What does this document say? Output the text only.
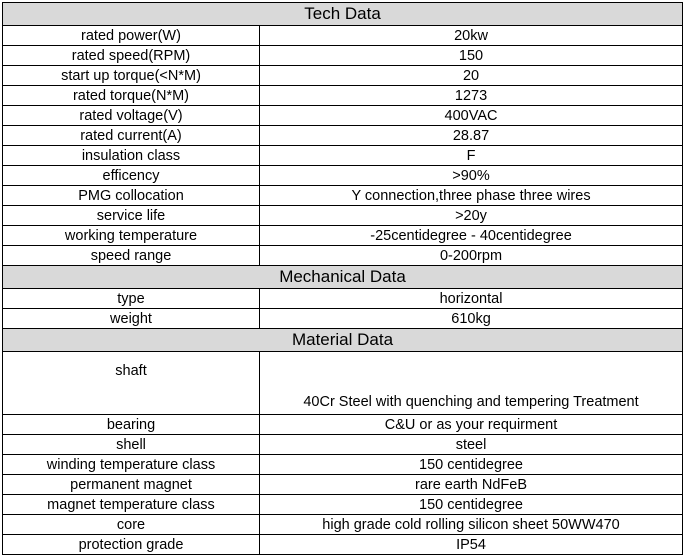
Tech Data	
rated power(W)	20kw
rated speed(RPM)	150
start up torque(<N*M)	20
rated torque(N*M)	1273
rated voltage(V)	400VAC
rated current(A)	28.87
insulation class	F
efficency	>90%
PMG collocation	Y connection,three phase three wires
service life	>20y
working temperature	-25centidegree - 40centidegree
speed range	0-200rpm
Mechanical Data	
type	horizontal
weight	610kg
Material Data	
shaft	40Cr Steel with quenching and tempering Treatment
bearing	C&U or as your requirment
shell	steel
winding temperature class	150 centidegree
permanent magnet	rare earth NdFeB
magnet temperature class	150 centidegree
core	high grade cold rolling silicon sheet 50WW470
protection grade	IP54
